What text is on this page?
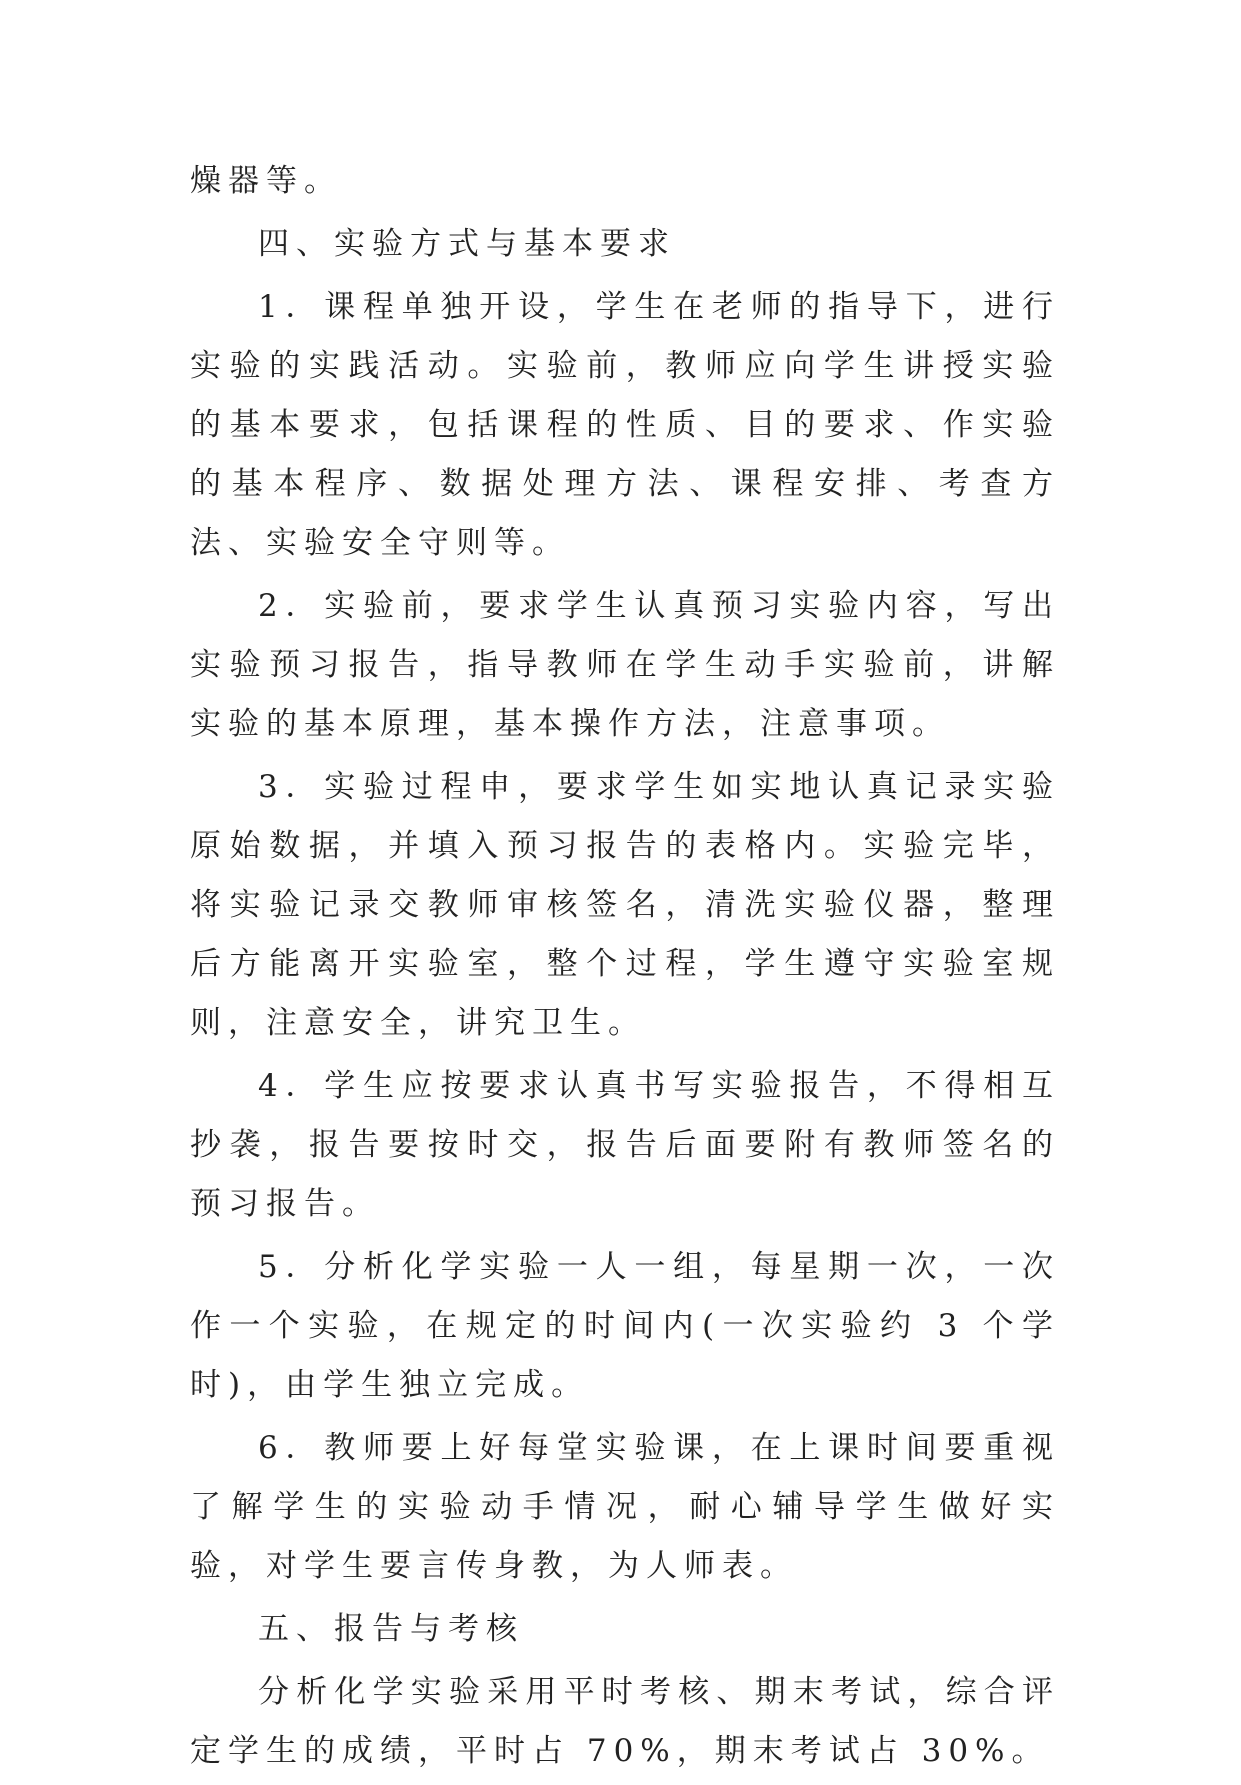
燥器等。

四、实验方式与基本要求

1．课程单独开设，学生在老师的指导下，进行实验的实践活动。实验前，教师应向学生讲授实验的基本要求，包括课程的性质、目的要求、作实验的基本程序、数据处理方法、课程安排、考查方法、实验安全守则等。

2．实验前，要求学生认真预习实验内容，写出实验预习报告，指导教师在学生动手实验前，讲解实验的基本原理，基本操作方法，注意事项。

3．实验过程申，要求学生如实地认真记录实验原始数据，并填入预习报告的表格内。实验完毕，将实验记录交教师审核签名，清洗实验仪器，整理后方能离开实验室，整个过程，学生遵守实验室规则，注意安全，讲究卫生。

4．学生应按要求认真书写实验报告，不得相互抄袭，报告要按时交，报告后面要附有教师签名的预习报告。

5．分析化学实验一人一组，每星期一次，一次作一个实验，在规定的时间内(一次实验约 3 个学时)，由学生独立完成。

6．教师要上好每堂实验课，在上课时间要重视了解学生的实验动手情况，耐心辅导学生做好实验，对学生要言传身教，为人师表。

五、报告与考核

分析化学实验采用平时考核、期末考试，综合评定学生的成绩，平时占 70%，期末考试占 30%。
